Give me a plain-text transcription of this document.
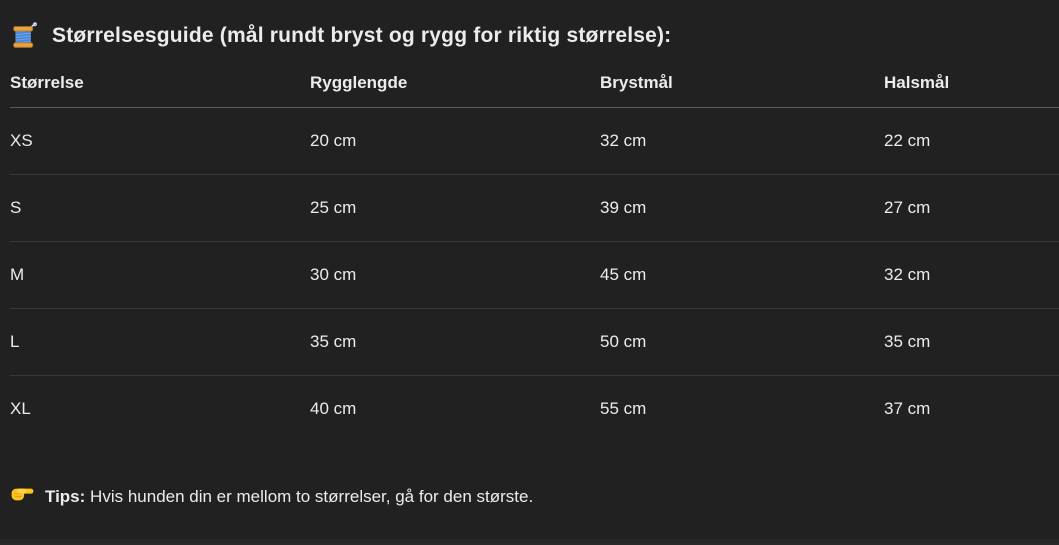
Størrelsesguide (mål rundt bryst og rygg for riktig størrelse):
Størrelse	Rygglengde	Brystmål	Halsmål
XS	20 cm	32 cm	22 cm
S	25 cm	39 cm	27 cm
M	30 cm	45 cm	32 cm
L	35 cm	50 cm	35 cm
XL	40 cm	55 cm	37 cm
Tips: Hvis hunden din er mellom to størrelser, gå for den største.
